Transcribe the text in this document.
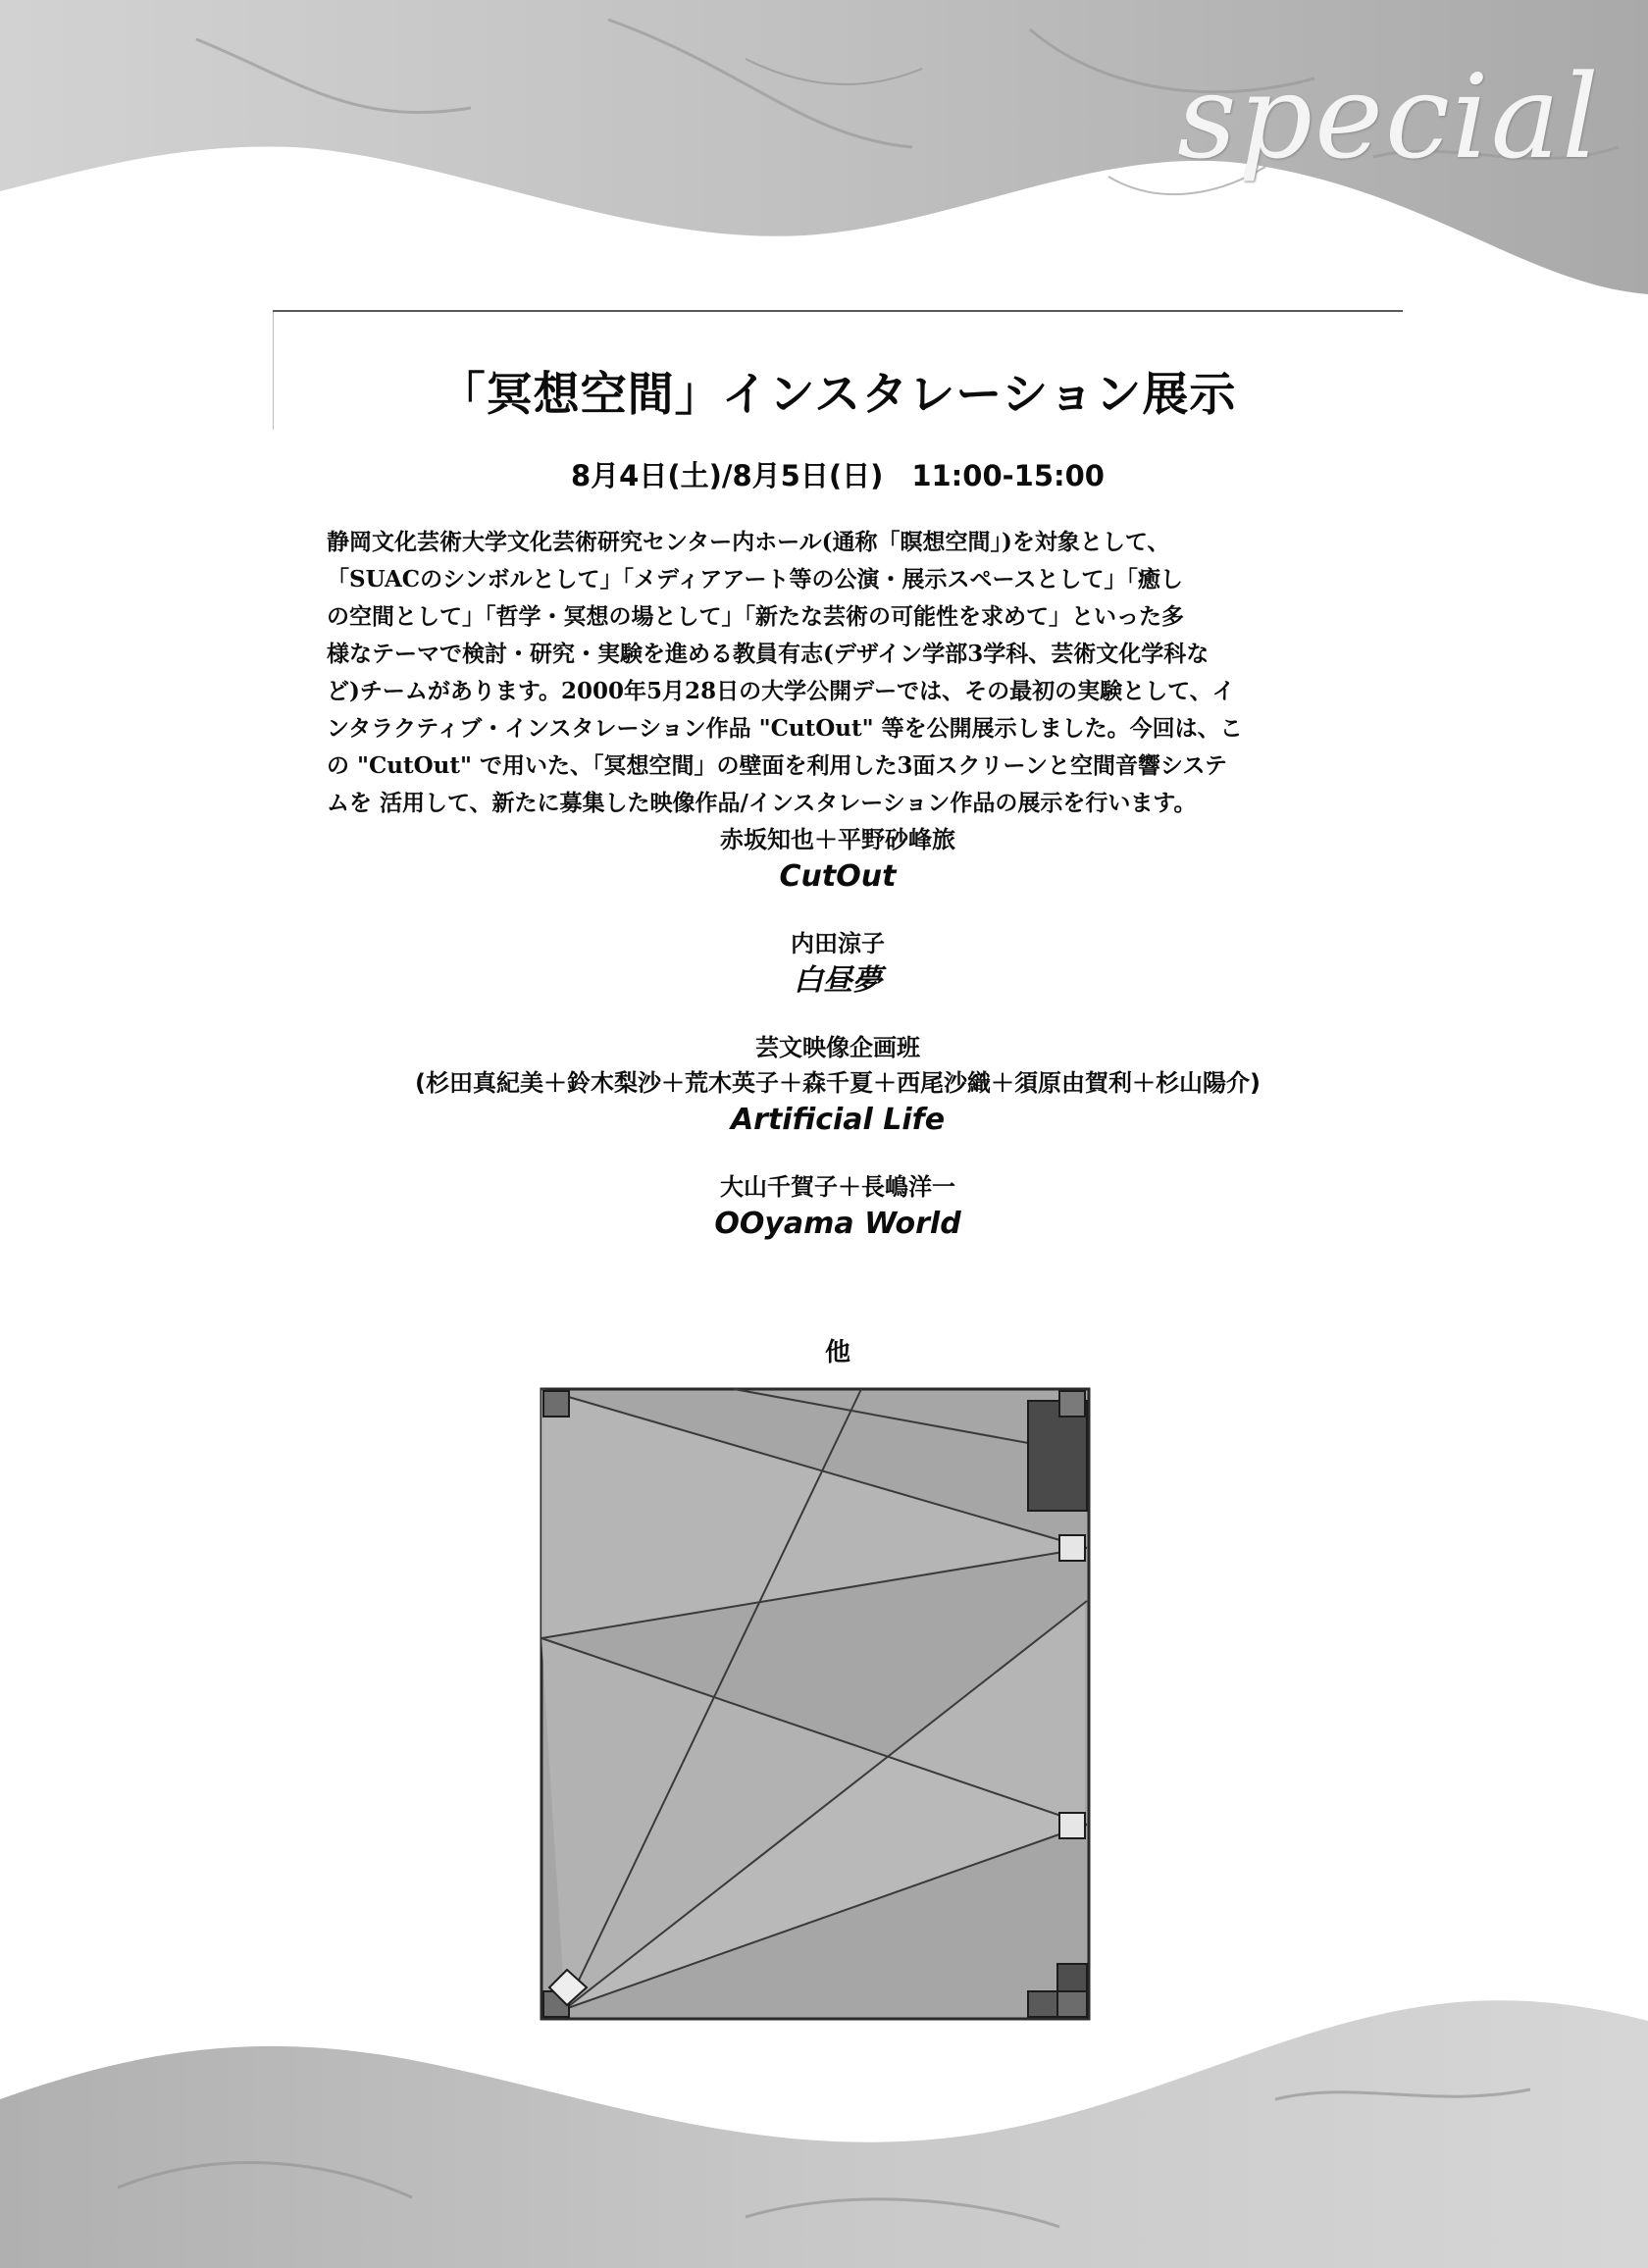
special
「冥想空間」インスタレーション展示
8月4日(土)/8月5日(日)　11:00-15:00
静岡文化芸術大学文化芸術研究センター内ホール(通称「瞑想空間」)を対象として、
「SUACのシンボルとして」「メディアアート等の公演・展示スペースとして」「癒し
の空間として」「哲学・冥想の場として」「新たな芸術の可能性を求めて」といった多
様なテーマで検討・研究・実験を進める教員有志(デザイン学部3学科、芸術文化学科な
ど)チームがあります。2000年5月28日の大学公開デーでは、その最初の実験として、イ
ンタラクティブ・インスタレーション作品 "CutOut" 等を公開展示しました。今回は、こ
の "CutOut" で用いた、「冥想空間」の壁面を利用した3面スクリーンと空間音響システ
ムを 活用して、新たに募集した映像作品/インスタレーション作品の展示を行います。
赤坂知也＋平野砂峰旅
CutOut
内田涼子
白昼夢
芸文映像企画班
(杉田真紀美＋鈴木梨沙＋荒木英子＋森千夏＋西尾沙織＋須原由賀利＋杉山陽介)
Artificial Life
大山千賀子＋長嶋洋一
OOyama World
他
